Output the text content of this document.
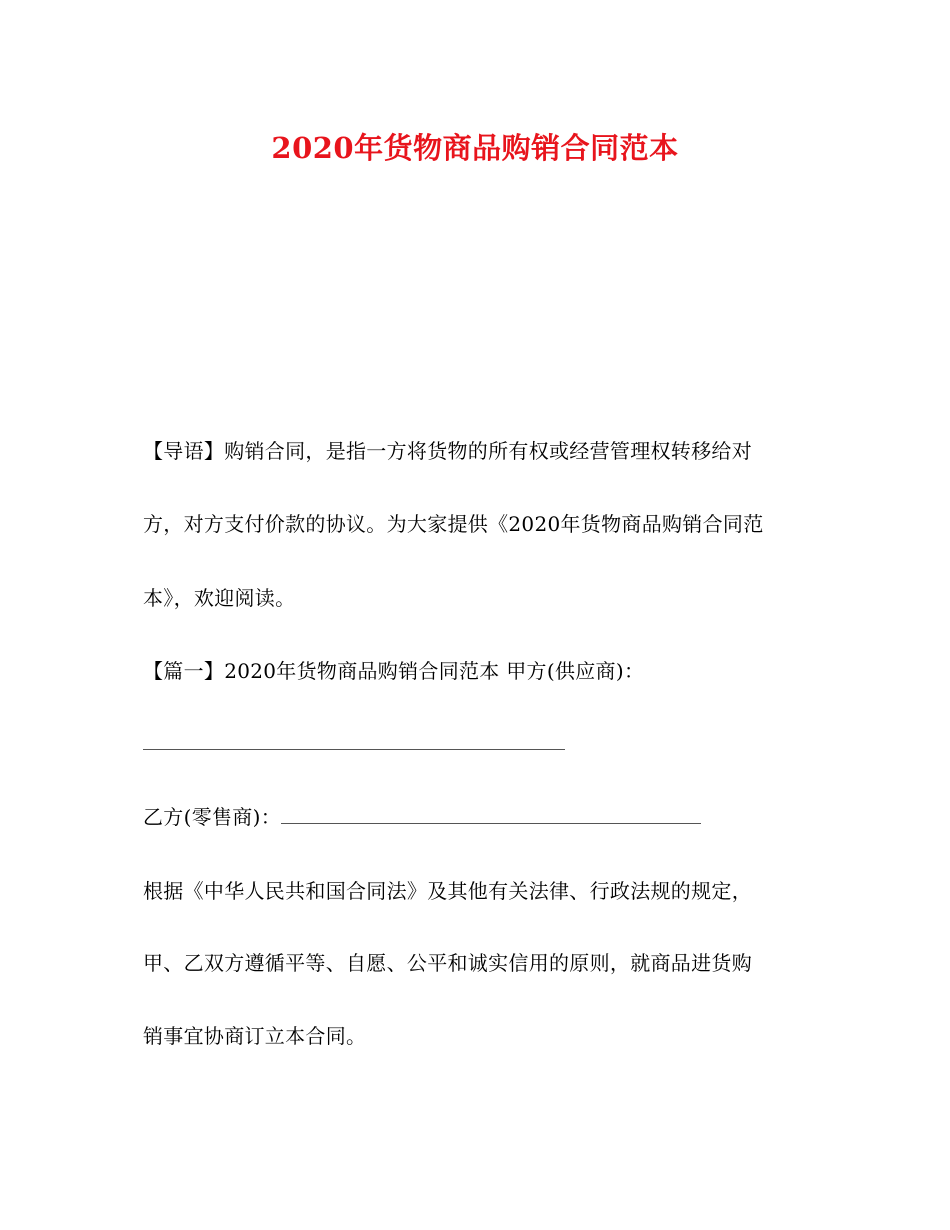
2020年货物商品购销合同范本
【导语】购销合同，是指一方将货物的所有权或经营管理权转移给对
方，对方支付价款的协议。为大家提供《2020年货物商品购销合同范
本》，欢迎阅读。
【篇一】2020年货物商品购销合同范本 甲方(供应商)：
乙方(零售商)：
根据《中华人民共和国合同法》及其他有关法律、行政法规的规定，
甲、乙双方遵循平等、自愿、公平和诚实信用的原则，就商品进货购
销事宜协商订立本合同。
